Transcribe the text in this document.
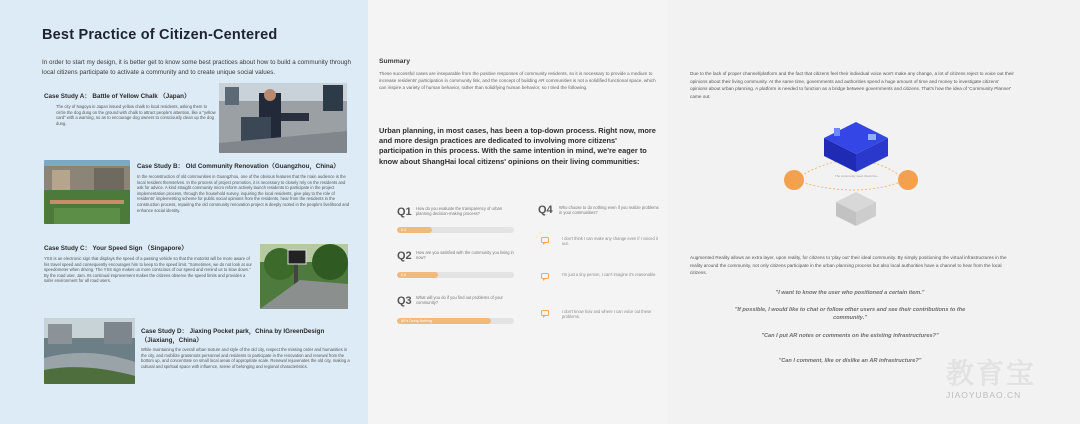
Best Practice of Citizen-Centered
In order to start my design, it is better get to know some best practices about how to build a community through local citizens participate to activate a community and to create unique social values.
Case Study A： Battle of Yellow Chalk （Japan）
The city of Nagoya in Japan issued yellow chalk to local residents, asking them to circle the dog dung on the ground with chalk to attract people's attention, like a "yellow card" with a warning, so as to encourage dog owners to consciously clean up the dog dung.
Case Study B： Old Community Renovation（Guangzhou，China）
In the reconstruction of old communities in Guangzhou, one of the obvious features that the main audience is the local resident themselves. In the process of project promotion, it is necessary to closely rely on the residents and ask for advice. A kind straight community micro reform actively launch residents to participate in the project implementation process, through the household survey, inquiring the local residents, give play to the role of residents' implementing scheme for public social opinions from the residents, hear from the residents in the construction process, repairing the old community renovation project is deeply rooted in the people's livelihood and enhance social identity.
Case Study C： Your Speed Sign （Singapore）
YSS is an electronic sign that displays the speed of a passing vehicle so that the motorist will be more aware of his travel speed and consequently encourages him to keep to the speed limit. "Sometimes, we do not look at our speedometer when driving. The YSS sign makes us more conscious of our speed and remind us to slow down." By the road user, Jam. Its continual improvement makes the citizens observe the speed limits and provides a safer environment for all road users.
Case Study D： Jiaxing Pocket park，China by IGreenDesign （Jiaxiang，China）
While maintaining the overall urban texture and style of the old city, respect the missing order and humanities in the city, and mobilize grassroots personnel and residents to participate in the renovation and renewal from the bottom up, and concentrate on small local areas of appropriate scale. Renewal rejuvenates the old city, making a cultural and spiritual space with influence, sense of belonging and regional characteristics.
Summary
These successful cases are inseparable from the positive responses of community residents, so it is necessary to provide a medium to increase residents' participation in community link, and the concept of building AR communities is not a solidified functional space, which can inspire a variety of human behavior, rather than solidifying human behavior, so I tried the following.
Urban planning, in most cases, has been a top-down process. Right now, more and more design practices are dedicated to involving more citizens' participation in this process. With the same intention in mind, we're eager to know about ShangHai local citizens' opinions on their living communities:
Q1 How do you evaluate the transparency of urban planning decision-making process?
0.3
Q2 How are you satisfied with the community you living in now?
2.6
Q3 What will you do if you find out problems of your community?
80% Doing Nothing
Q4 Who choose to do nothing even if you realize problems in your communities?
I don't think I can make any change even if I voiced it out.
I'm just a tiny person, I can't imagine it's reasonable.
I don't know how and where I can voice out these problems.
Due to the lack of proper channel/platform and the fact that citizens feel their individual voice won't make any change, a lot of citizens reject to voice out their opinions about their living community. At the same time, governments and authorities spend a huge amount of time and money to investigate citizens' opinions about urban planning. A platform is needed to function as a bridge between governments and citizens. That's how the idea of 'Community Planner' came out.
The community need check the...
Augmented Reality allows an extra layer, upon reality, for citizens to 'play out' their ideal community. By simply positioning the virtual infrastructures in the reality around the community, not only citizens participate in the urban planning process but also local authorities have a channel to hear from the local citizens.
"I want to know the user who positioned a certain item."
"If possible, I would like to chat or follow other users and see their contributions to the community."
"Can I put AR notes or comments on the existing infrastructures?"
"Can I comment, like or dislike an AR infrastructure?" 教育宝
JIAOYUBAO.CN
